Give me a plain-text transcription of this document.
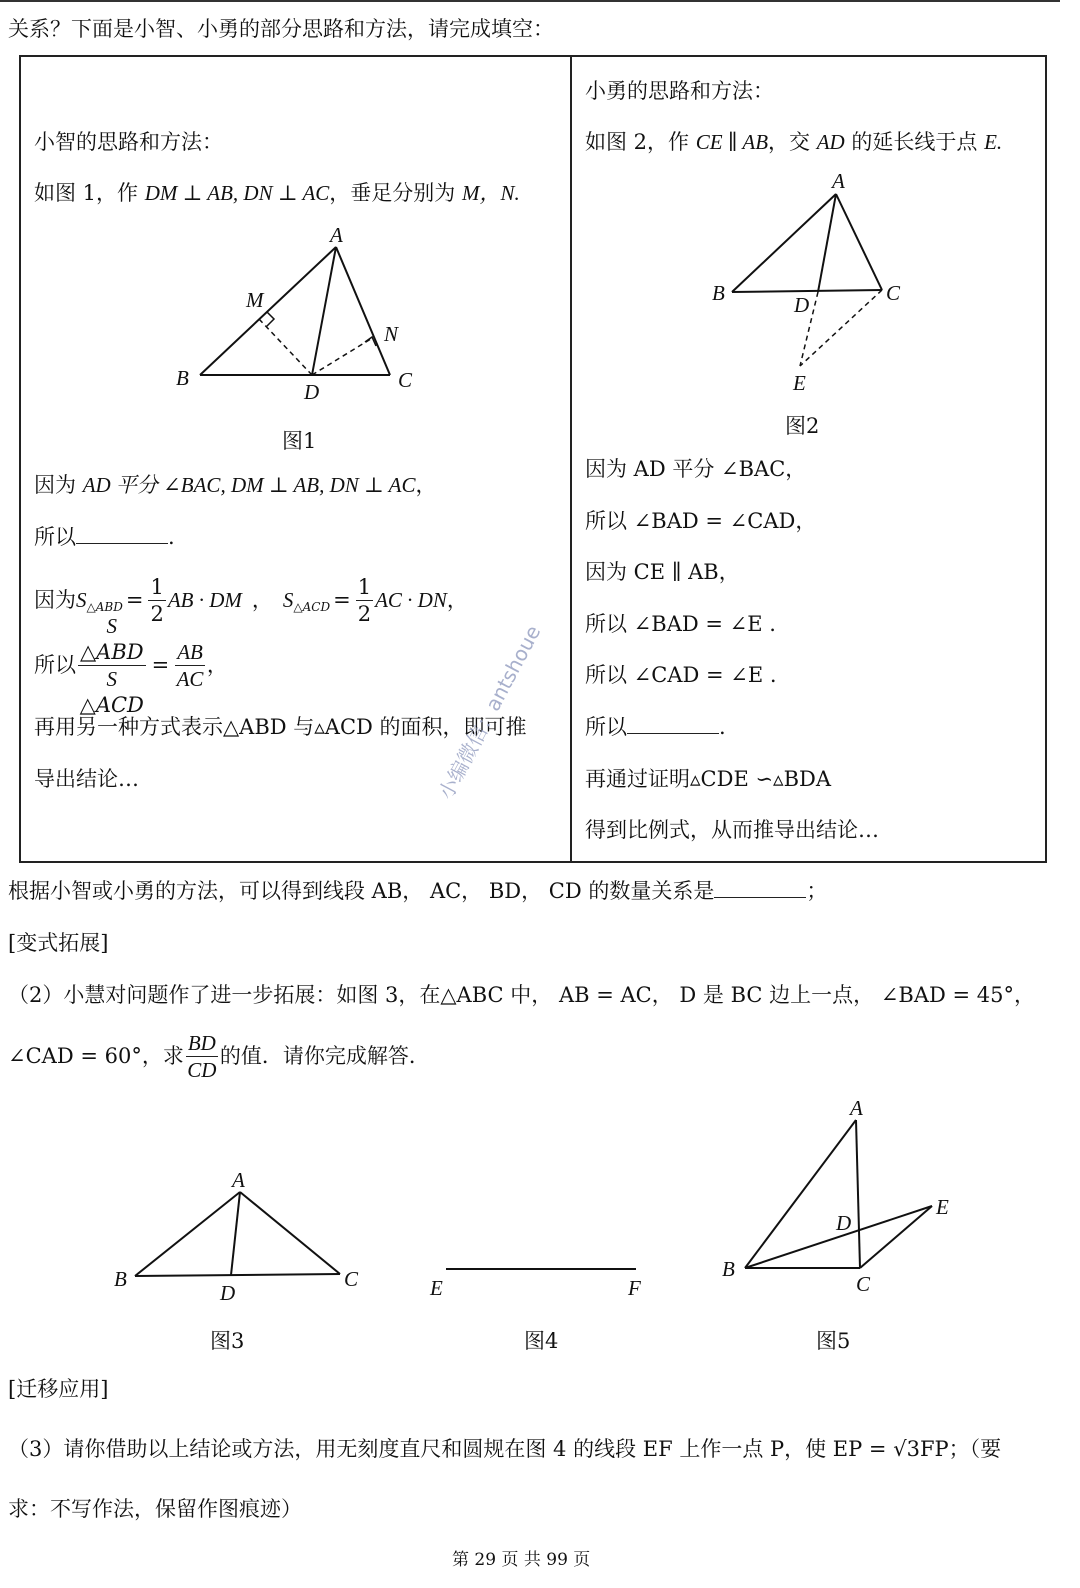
关系？下面是小智、小勇的部分思路和方法，请完成填空：
小智的思路和方法：
如图 1，作 DM ⊥ AB, DN ⊥ AC，垂足分别为 M，N.
A
B	C
D
M
N
图1
因为 AD 平分 ∠BAC, DM ⊥ AB, DN ⊥ AC，
所以	.
因为 S △ABD = $\frac{1}{2}$ AB · DM ， S △ACD = $\frac{1}{2}$ AC · DN ，
所以 S
△ABD
S
△ACD = $\frac{AB}{AC}$ ，
再用另一种方式表示△ABD 与▵ACD 的面积，即可推
导出结论…
小勇的思路和方法：
如图 2，作 CE ∥ AB，交 AD 的延长线于点 E.
A
B	C
D
E
图2
因为 AD 平分 ∠BAC，
所以 ∠BAD = ∠CAD，
因为 CE ∥ AB，
所以 ∠BAD = ∠E .
所以 ∠CAD = ∠E .
所以	.
再通过证明▵CDE ∽▵BDA
得到比例式，从而推导出结论…
小编微信：antshoue
根据小智或小勇的方法，可以得到线段 AB， AC， BD， CD 的数量关系是	；
[变式拓展]
（2）小慧对问题作了进一步拓展：如图 3，在△ABC 中， AB = AC， D 是 BC 边上一点， ∠BAD = 45°，
∠CAD = 60°，求 $\frac{BD}{CD}$ 的值．请你完成解答．
A
B	C
D
图3
E	F
图4
A
B
C
D
E
图5
[迁移应用]
（3）请你借助以上结论或方法，用无刻度直尺和圆规在图 4 的线段 EF 上作一点 P，使 EP = √3FP；（要
求：不写作法，保留作图痕迹）
第 29 页 共 99 页
